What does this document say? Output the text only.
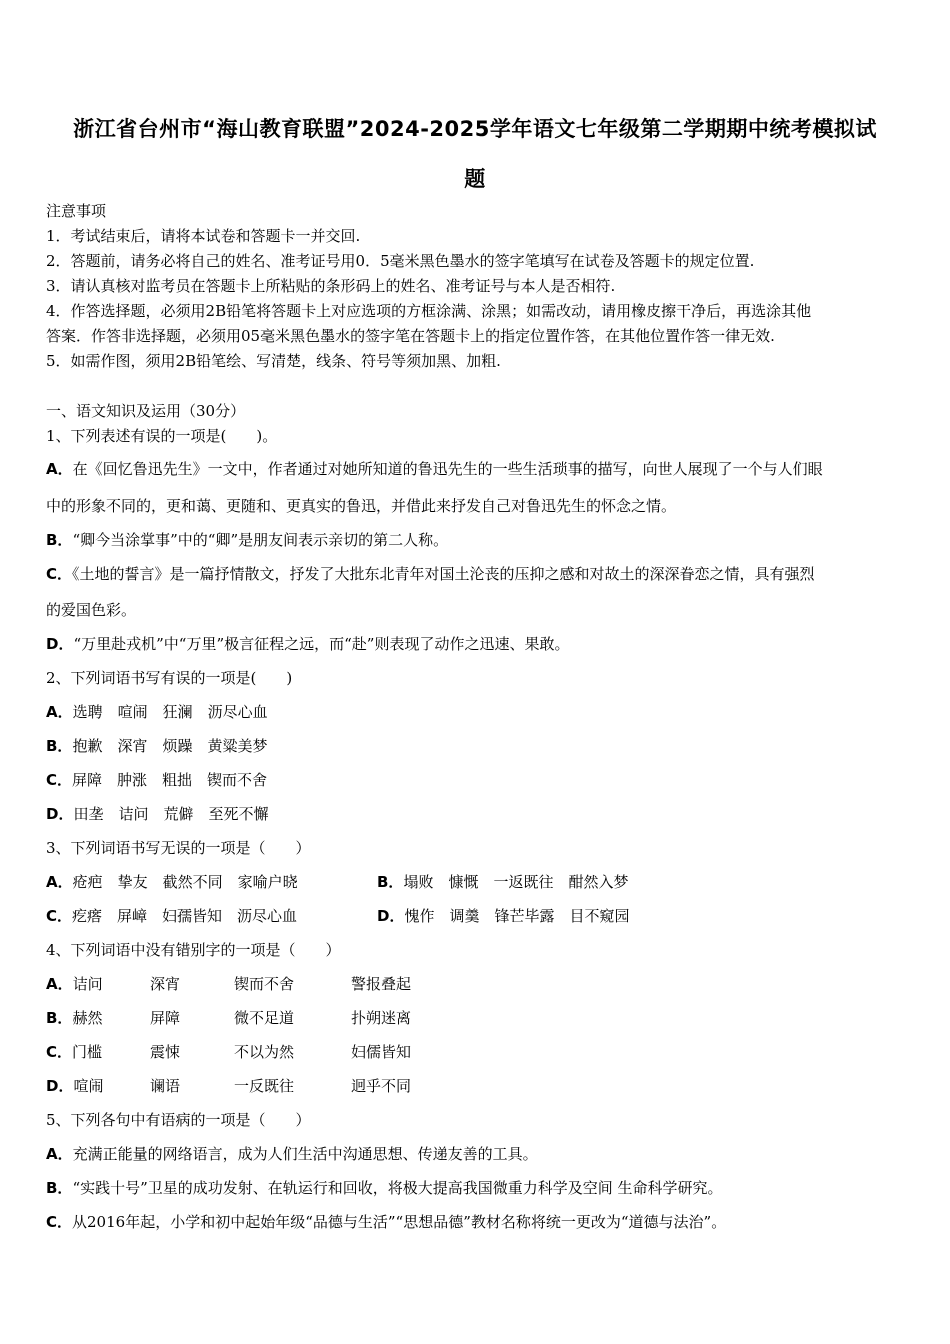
浙江省台州市“海山教育联盟”2024-2025学年语文七年级第二学期期中统考模拟试
题
注意事项
1．考试结束后，请将本试卷和答题卡一并交回.
2．答题前，请务必将自己的姓名、准考证号用0．5毫米黑色墨水的签字笔填写在试卷及答题卡的规定位置.
3．请认真核对监考员在答题卡上所粘贴的条形码上的姓名、准考证号与本人是否相符.
4．作答选择题，必须用2B铅笔将答题卡上对应选项的方框涂满、涂黑；如需改动，请用橡皮擦干净后，再选涂其他
答案．作答非选择题，必须用05毫米黑色墨水的签字笔在答题卡上的指定位置作答，在其他位置作答一律无效.
5．如需作图，须用2B铅笔绘、写清楚，线条、符号等须加黑、加粗.
一、语文知识及运用（30分）
1、下列表述有误的一项是(　　)。
A．在《回忆鲁迅先生》一文中，作者通过对她所知道的鲁迅先生的一些生活琐事的描写，向世人展现了一个与人们眼
中的形象不同的，更和蔼、更随和、更真实的鲁迅，并借此来抒发自己对鲁迅先生的怀念之情。
B．“卿今当涂掌事”中的“卿”是朋友间表示亲切的第二人称。
C．《土地的誓言》是一篇抒情散文，抒发了大批东北青年对国土沦丧的压抑之感和对故土的深深眷恋之情，具有强烈
的爱国色彩。
D．“万里赴戎机”中“万里”极言征程之远，而“赴”则表现了动作之迅速、果敢。
2、下列词语书写有误的一项是(　　)
A．选聘　喧闹　狂澜　沥尽心血
B．抱歉　深宵　烦躁　黄粱美梦
C．屏障　肿涨　粗拙　锲而不舍
D．田垄　诘问　荒僻　至死不懈
3、下列词语书写无误的一项是（　　）
A．疮疤　挚友　截然不同　家喻户晓	B．塌败　慷慨　一返既往　酣然入梦
C．疙瘩　屏嶂　妇孺皆知　沥尽心血	D．愧作　调羹　锋芒毕露　目不窥园
4、下列词语中没有错别字的一项是（　　）
A．诘问	深宵	锲而不舍	警报叠起
B．赫然	屏障	微不足道	扑朔迷离
C．门槛	震悚	不以为然	妇儒皆知
D．喧闹	谰语	一反既往	迥乎不同
5、下列各句中有语病的一项是（　　）
A．充满正能量的网络语言，成为人们生活中沟通思想、传递友善的工具。
B．“实践十号”卫星的成功发射、在轨运行和回收，将极大提高我国微重力科学及空间 生命科学研究。
C．从2016年起，小学和初中起始年级“品德与生活”“思想品德”教材名称将统一更改为“道德与法治”。
